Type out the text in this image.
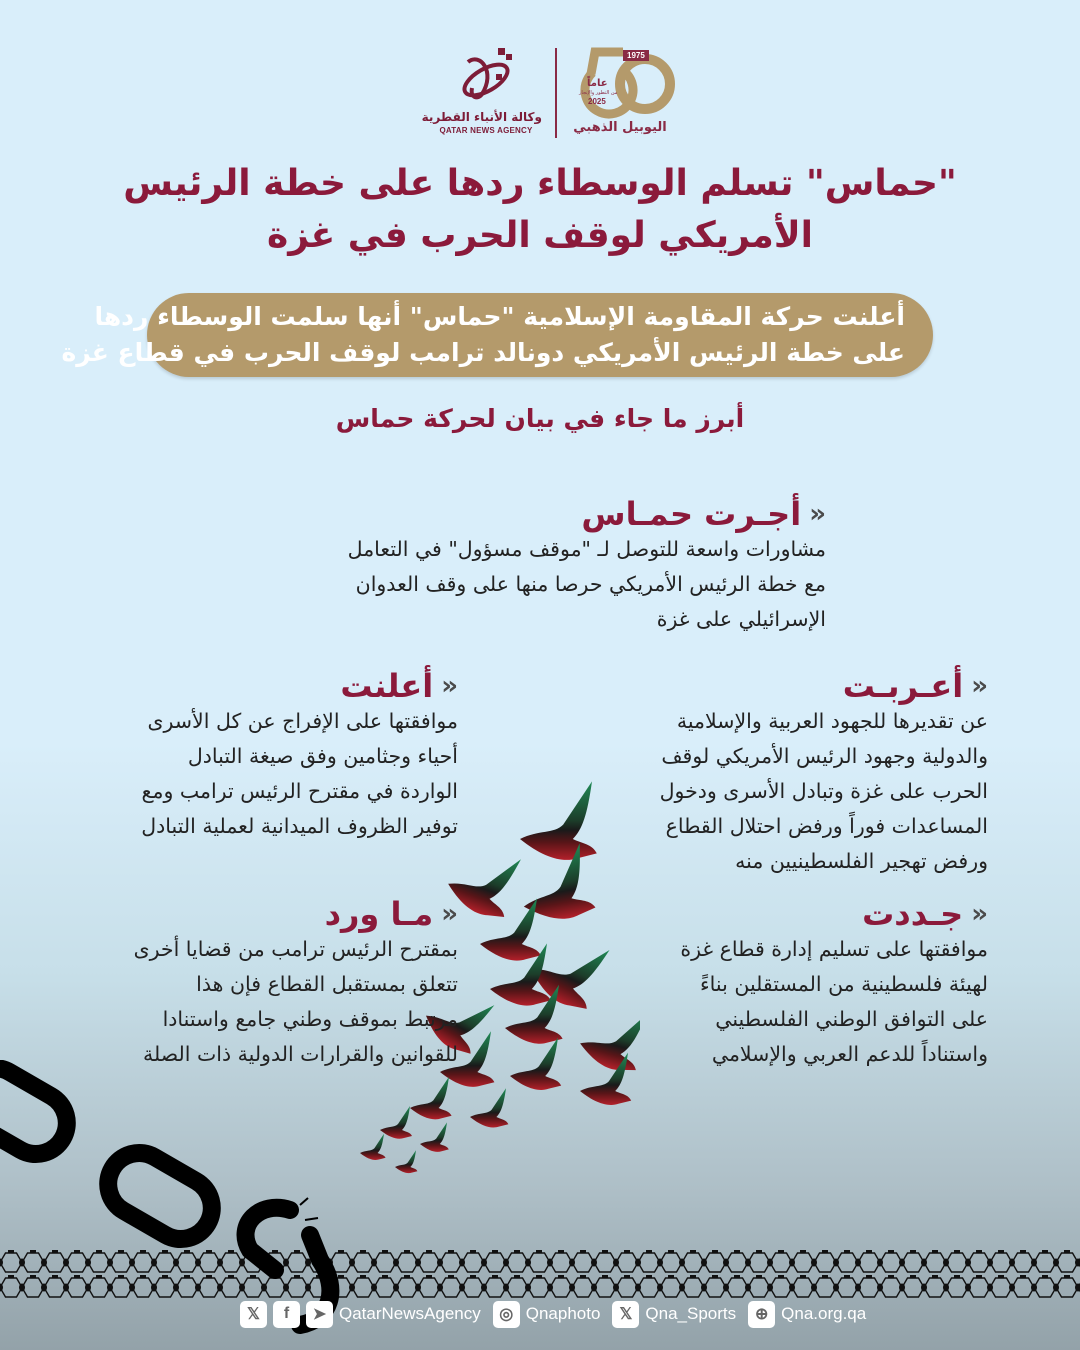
وكالة الأنباء القطرية
QATAR NEWS AGENCY
1975
عاماً
من التطور والإنجاز
2025
اليوبيل الذهبي
"حماس" تسلم الوسطاء ردها على خطة الرئيس
الأمريكي لوقف الحرب في غزة
أعلنت حركة المقاومة الإسلامية "حماس" أنها سلمت الوسطاء ردها
على خطة الرئيس الأمريكي دونالد ترامب لوقف الحرب في قطاع غزة
أبرز ما جاء في بيان لحركة حماس
«
أجـرت حمـاس
مشاورات واسعة للتوصل لـ "موقف مسؤول" في التعامل
مع خطة الرئيس الأمريكي حرصا منها على وقف العدوان
الإسرائيلي على غزة
«
أعلنت
موافقتها على الإفراج عن كل الأسرى
أحياء وجثامين وفق صيغة التبادل
الواردة في مقترح الرئيس ترامب ومع
توفير الظروف الميدانية لعملية التبادل
«
أعـربـت
عن تقديرها للجهود العربية والإسلامية
والدولية وجهود الرئيس الأمريكي لوقف
الحرب على غزة وتبادل الأسرى ودخول
المساعدات فوراً ورفض احتلال القطاع
ورفض تهجير الفلسطينيين منه
«
جـددت
موافقتها على تسليم إدارة قطاع غزة
لهيئة فلسطينية من المستقلين بناءً
على التوافق الوطني الفلسطيني
واستناداً للدعم العربي والإسلامي
«
مـا ورد
بمقترح الرئيس ترامب من قضايا أخرى
تتعلق بمستقبل القطاع فإن هذا
مرتبط بموقف وطني جامع واستنادا
للقوانين والقرارات الدولية ذات الصلة
𝕏	f	➤ QatarNewsAgency	◎ Qnaphoto	𝕏 Qna_Sports	⊕ Qna.org.qa
